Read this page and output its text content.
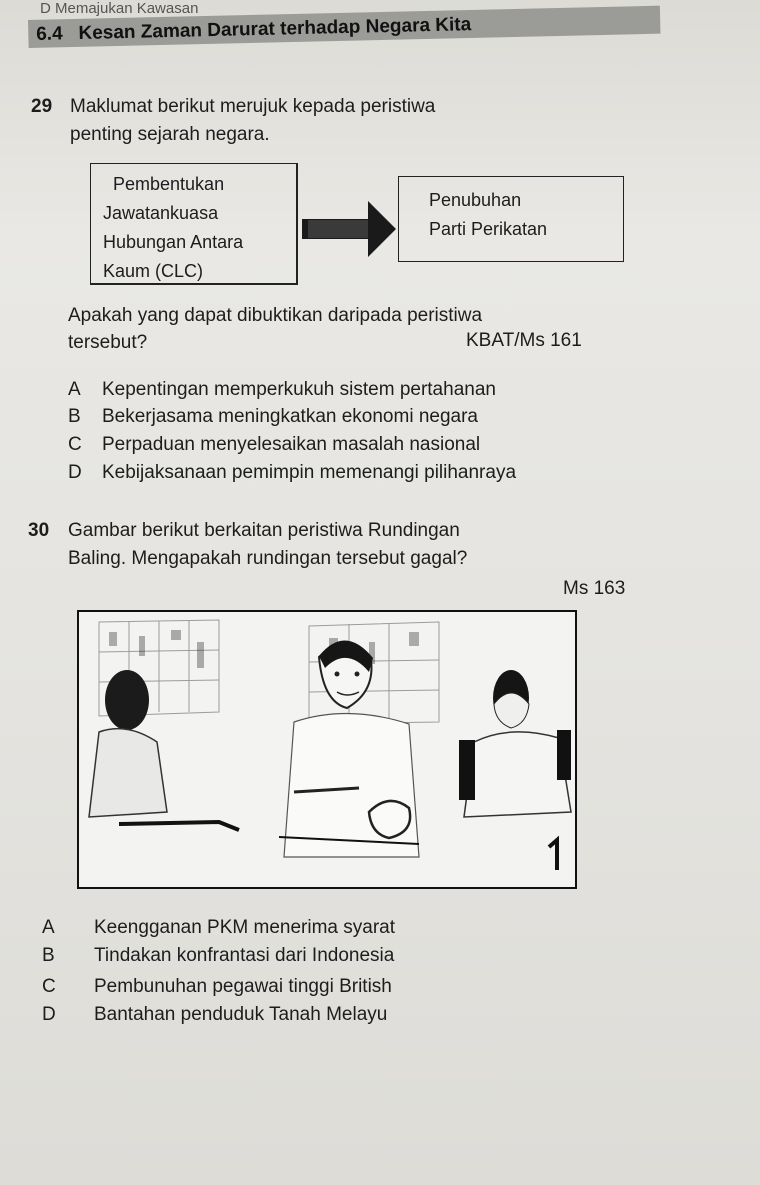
D Memajukan Kawasan
6.4 Kesan Zaman Darurat terhadap Negara Kita
29 Maklumat berikut merujuk kepada peristiwa
penting sejarah negara.
Pembentukan
Jawatankuasa
Hubungan Antara
Kaum (CLC)
Penubuhan
Parti Perikatan
Apakah yang dapat dibuktikan daripada peristiwa
tersebut?	KBAT/Ms 161
A Kepentingan memperkukuh sistem pertahanan
B Bekerjasama meningkatkan ekonomi negara
C Perpaduan menyelesaikan masalah nasional
D Kebijaksanaan pemimpin memenangi pilihanraya
30 Gambar berikut berkaitan peristiwa Rundingan
Baling. Mengapakah rundingan tersebut gagal?
Ms 163
A Keengganan PKM menerima syarat
B Tindakan konfrantasi dari Indonesia
C Pembunuhan pegawai tinggi British
D Bantahan penduduk Tanah Melayu
